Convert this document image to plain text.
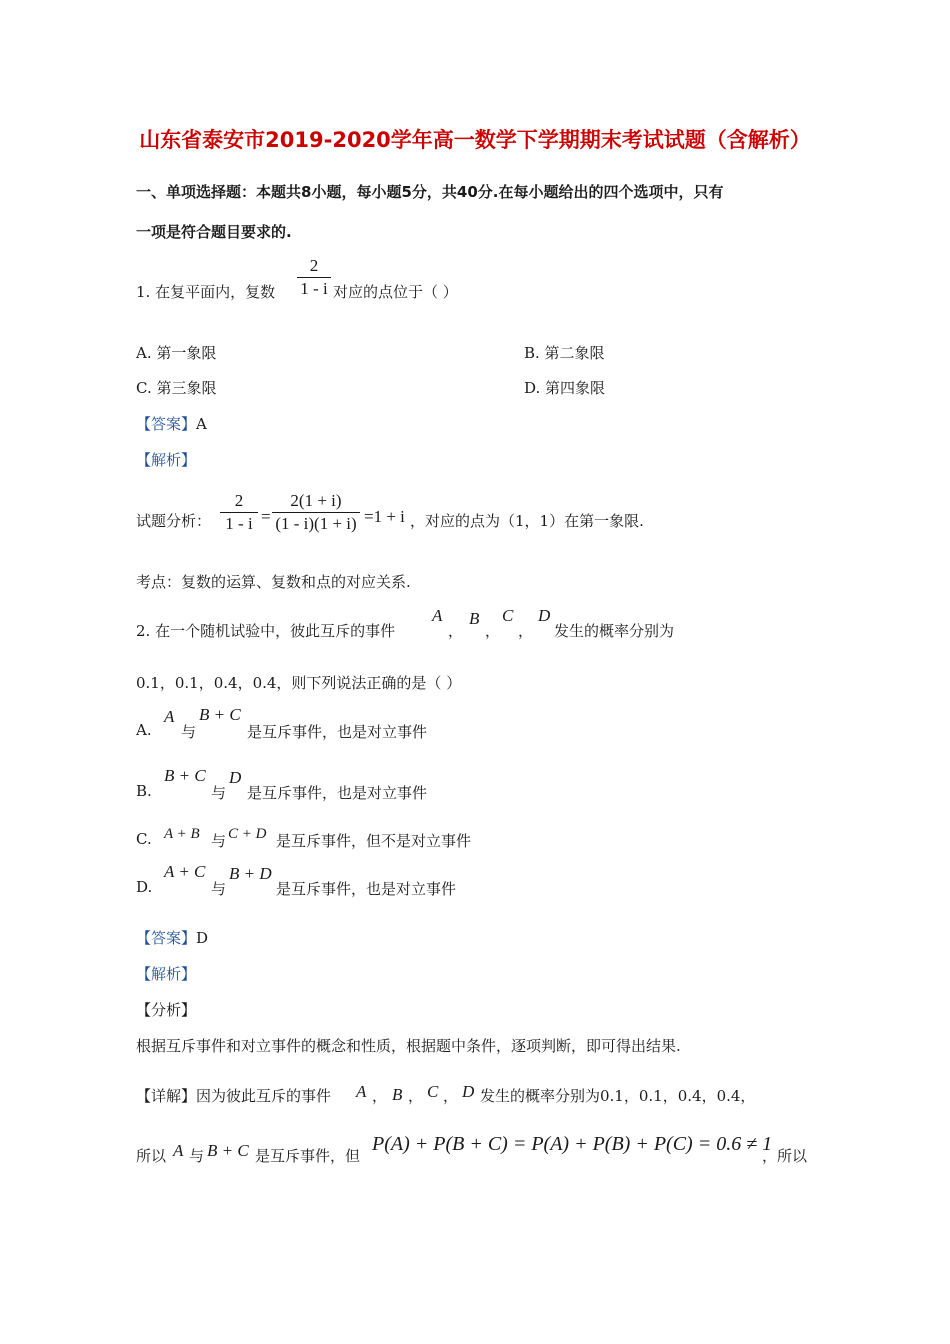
山东省泰安市2019-2020学年高一数学下学期期末考试试题（含解析）
一、单项选择题：本题共8小题，每小题5分，共40分.在每小题给出的四个选项中，只有
一项是符合题目要求的.
1. 在复平面内，复数
2
1 - i 对应的点位于（ ）
A. 第一象限	B. 第二象限
C. 第三象限	D. 第四象限
【答案】A
【解析】
试题分析：
2
1 - i =
2(1 + i)
(1 - i)(1 + i) =1 + i ，对应的点为（1，1）在第一象限.
考点：复数的运算、复数和点的对应关系.
2. 在一个随机试验中，彼此互斥的事件
A
，
B
，
C
，
D
发生的概率分别为
0.1，0.1，0.4，0.4，则下列说法正确的是（ ）
A.
A
与
B + C
是互斥事件，也是对立事件
B.
B + C
与
D
是互斥事件，也是对立事件
C. A + B 与 C + D 是互斥事件，但不是对立事件
D.
A + C
与
B + D
是互斥事件，也是对立事件
【答案】D
【解析】
【分析】
根据互斥事件和对立事件的概念和性质，根据题中条件，逐项判断，即可得出结果.
【详解】因为彼此互斥的事件 A ， B ， C ， D 发生的概率分别为0.1，0.1，0.4，0.4，
所以 A 与 B + C 是互斥事件，但
P(A) + P(B + C) = P(A) + P(B) + P(C) = 0.6 ≠ 1
，所以
